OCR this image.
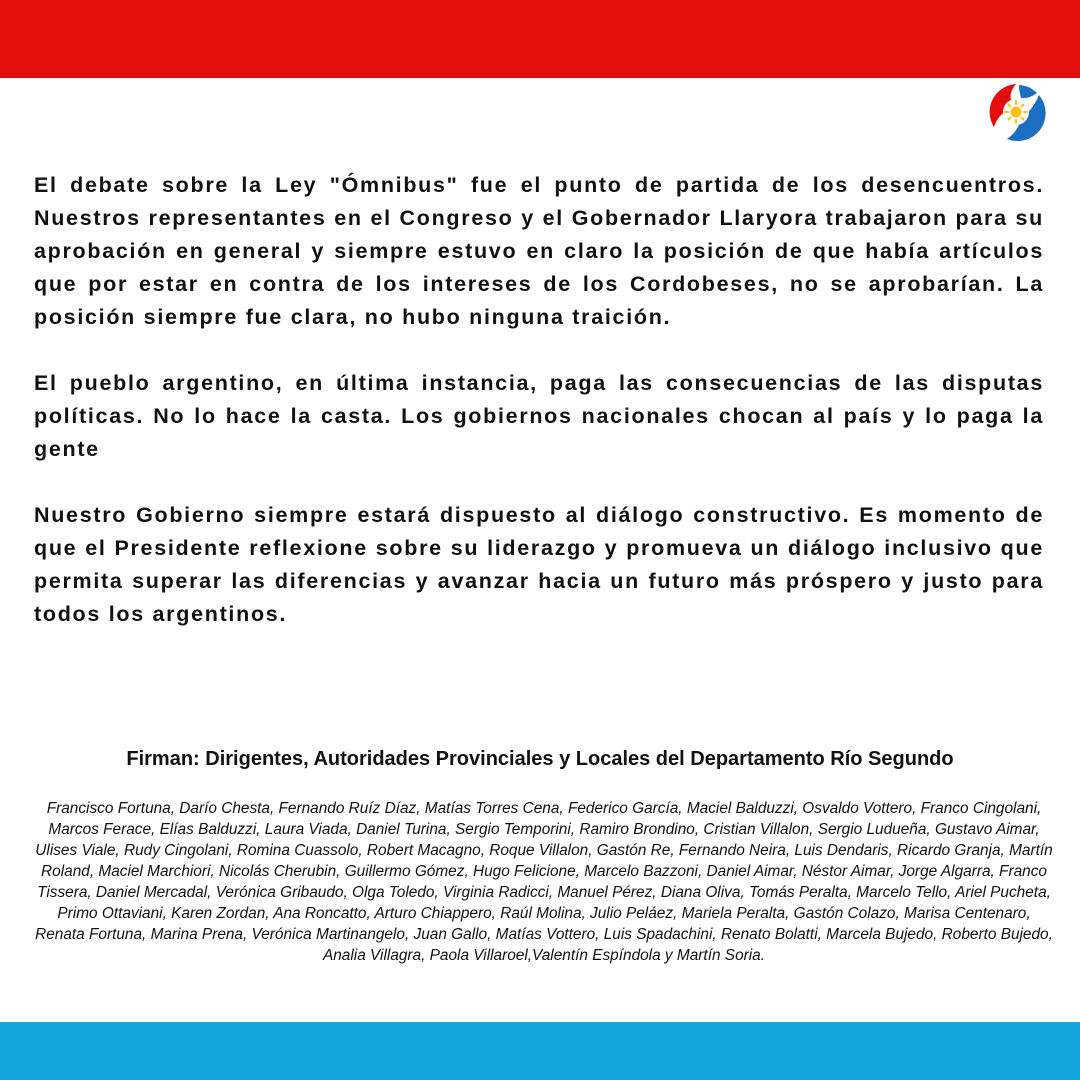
El debate sobre la Ley "Ómnibus" fue el punto de partida de los desencuentros. Nuestros representantes en el Congreso y el Gobernador Llaryora trabajaron para su aprobación en general y siempre estuvo en claro la posición de que había artículos que por estar en contra de los intereses de los Cordobeses, no se aprobarían. La posición siempre fue clara, no hubo ninguna traición.

El pueblo argentino, en última instancia, paga las consecuencias de las disputas políticas. No lo hace la casta. Los gobiernos nacionales chocan al país y lo paga la gente

Nuestro Gobierno siempre estará dispuesto al diálogo constructivo. Es momento de que el Presidente reflexione sobre su liderazgo y promueva un diálogo inclusivo que permita superar las diferencias y avanzar hacia un futuro más próspero y justo para todos los argentinos.

Firman: Dirigentes, Autoridades Provinciales y Locales del Departamento Río Segundo
Francisco Fortuna, Darío Chesta, Fernando Ruíz Díaz, Matías Torres Cena, Federico García, Maciel Balduzzi, Osvaldo Vottero, Franco Cingolani, Marcos Ferace, Elías Balduzzi, Laura Viada, Daniel Turina, Sergio Temporini, Ramiro Brondino, Cristian Villalon, Sergio Ludueña, Gustavo Aimar, Ulises Viale, Rudy Cingolani, Romina Cuassolo, Robert Macagno, Roque Villalon, Gastón Re, Fernando Neira, Luis Dendaris, Ricardo Granja, Martín Roland, Maciel Marchiori, Nicolás Cherubin, Guillermo Gómez, Hugo Felicione, Marcelo Bazzoni, Daniel Aimar, Néstor Aimar, Jorge Algarra, Franco Tissera, Daniel Mercadal, Verónica Gribaudo, Olga Toledo, Virginia Radicci, Manuel Pérez, Diana Oliva, Tomás Peralta, Marcelo Tello, Ariel Pucheta, Primo Ottaviani, Karen Zordan, Ana Roncatto, Arturo Chiappero, Raúl Molina, Julio Peláez, Mariela Peralta, Gastón Colazo, Marisa Centenaro, Renata Fortuna, Marina Prena, Verónica Martinangelo, Juan Gallo, Matías Vottero, Luis Spadachini, Renato Bolatti, Marcela Bujedo, Roberto Bujedo, Analia Villagra, Paola Villaroel,Valentín Espíndola y Martín Soria.
